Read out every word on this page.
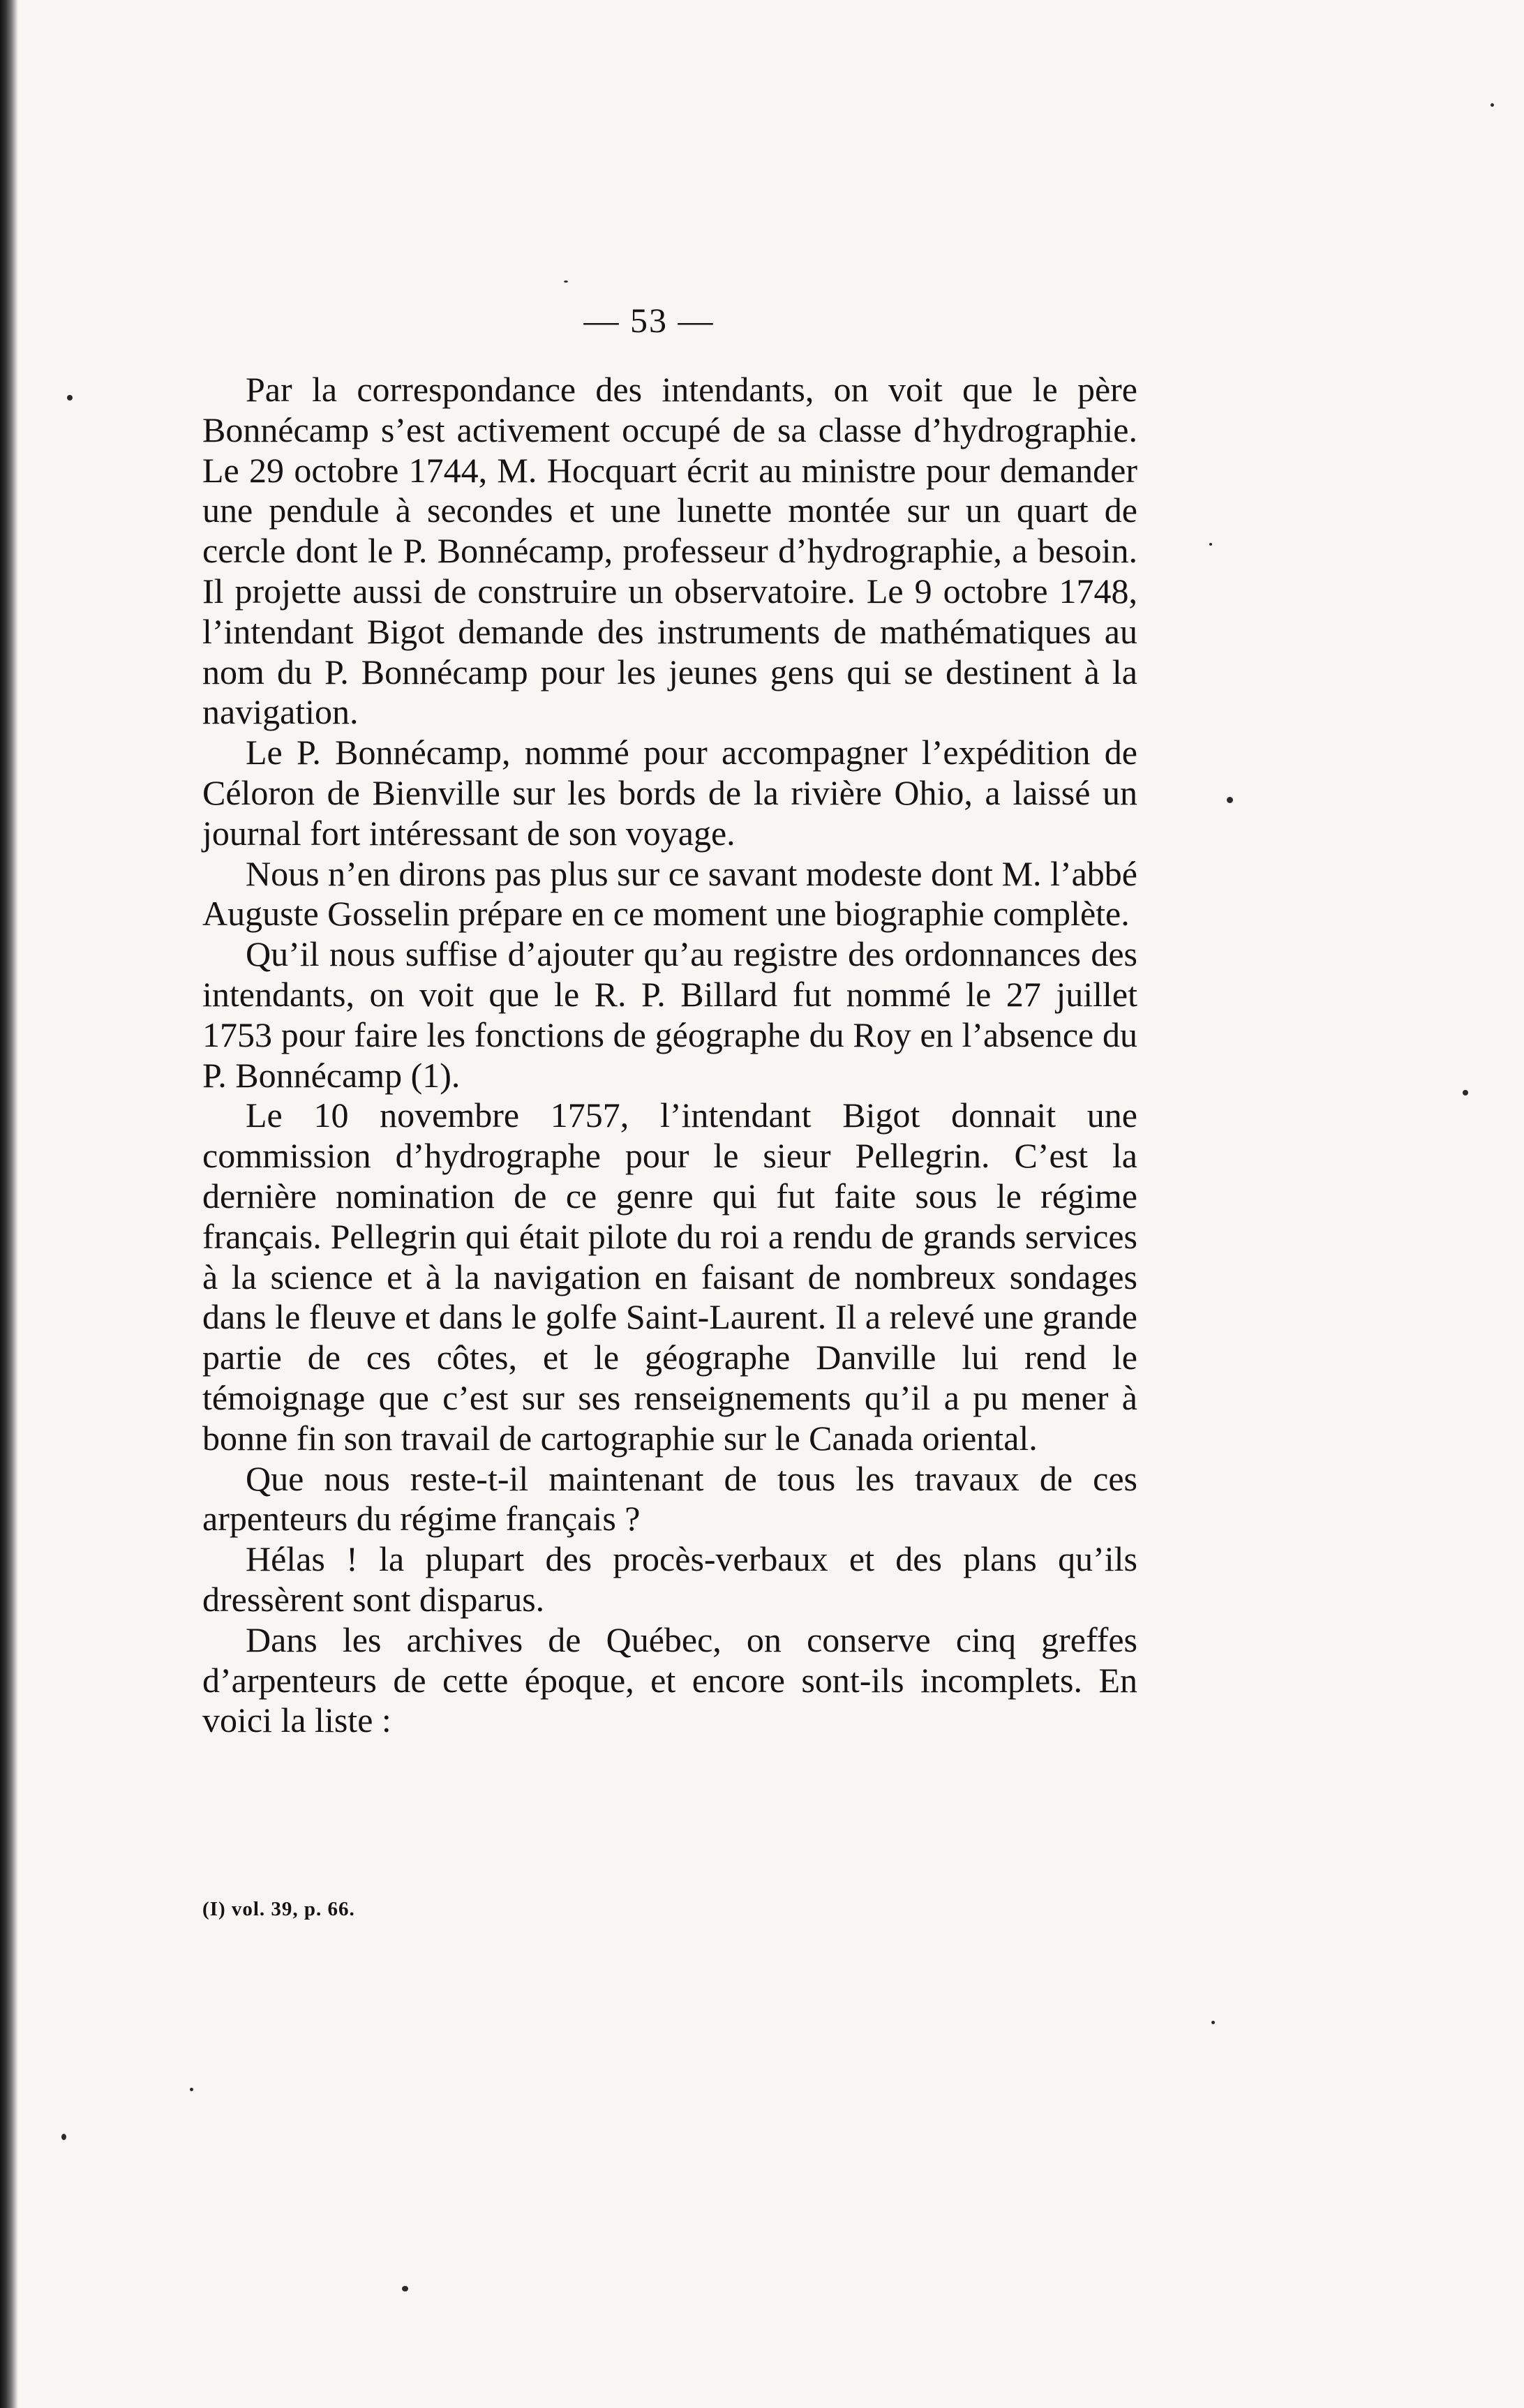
— 53 —

Par la correspondance des intendants, on voit que le père Bonnécamp s’est activement occupé de sa classe d’hydrographie. Le 29 octobre 1744, M. Hocquart écrit au ministre pour demander une pendule à secondes et une lunette montée sur un quart de cercle dont le P. Bonnécamp, professeur d’hydrographie, a besoin. Il projette aussi de construire un observatoire. Le 9 octobre 1748, l’intendant Bigot demande des instruments de mathématiques au nom du P. Bonnécamp pour les jeunes gens qui se destinent à la navigation.

Le P. Bonnécamp, nommé pour accompagner l’expédition de Céloron de Bienville sur les bords de la rivière Ohio, a laissé un journal fort intéressant de son voyage.

Nous n’en dirons pas plus sur ce savant modeste dont M. l’abbé Auguste Gosselin prépare en ce moment une biographie complète.

Qu’il nous suffise d’ajouter qu’au registre des ordonnances des intendants, on voit que le R. P. Billard fut nommé le 27 juillet 1753 pour faire les fonctions de géographe du Roy en l’absence du P. Bonnécamp (1).

Le 10 novembre 1757, l’intendant Bigot donnait une commission d’hydrographe pour le sieur Pellegrin. C’est la dernière nomination de ce genre qui fut faite sous le régime français. Pellegrin qui était pilote du roi a rendu de grands services à la science et à la navigation en faisant de nombreux sondages dans le fleuve et dans le golfe Saint-Laurent. Il a relevé une grande partie de ces côtes, et le géographe Danville lui rend le témoignage que c’est sur ses renseignements qu’il a pu mener à bonne fin son travail de cartographie sur le Canada oriental.

Que nous reste-t-il maintenant de tous les travaux de ces arpenteurs du régime français ?

Hélas ! la plupart des procès-verbaux et des plans qu’ils dressèrent sont disparus.

Dans les archives de Québec, on conserve cinq greffes d’arpenteurs de cette époque, et encore sont-ils incomplets. En voici la liste :

(I) vol. 39, p. 66.
